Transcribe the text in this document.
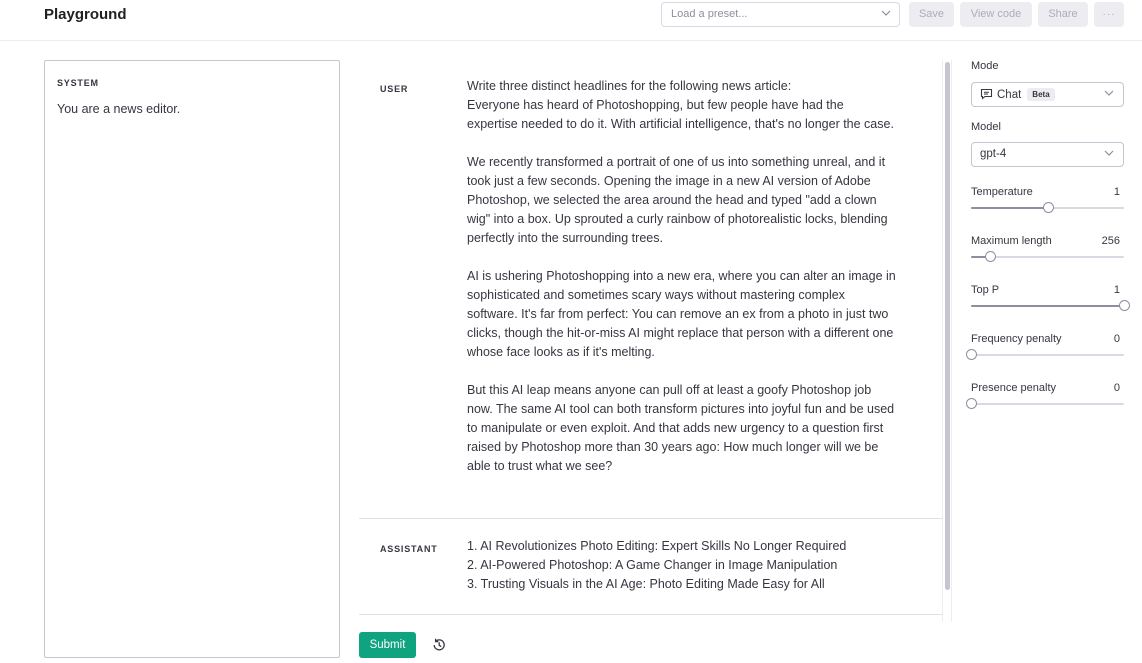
Playground	Load a preset...	Save	View code	Share	···
SYSTEM
You are a news editor.
USER	Write three distinct headlines for the following news article:
Everyone has heard of Photoshopping, but few people have had the expertise needed to do it. With artificial intelligence, that's no longer the case.

We recently transformed a portrait of one of us into something unreal, and it took just a few seconds. Opening the image in a new AI version of Adobe Photoshop, we selected the area around the head and typed "add a clown wig" into a box. Up sprouted a curly rainbow of photorealistic locks, blending perfectly into the surrounding trees.

AI is ushering Photoshopping into a new era, where you can alter an image in sophisticated and sometimes scary ways without mastering complex software. It's far from perfect: You can remove an ex from a photo in just two clicks, though the hit-or-miss AI might replace that person with a different one whose face looks as if it's melting.

But this AI leap means anyone can pull off at least a goofy Photoshop job now. The same AI tool can both transform pictures into joyful fun and be used to manipulate or even exploit. And that adds new urgency to a question first raised by Photoshop more than 30 years ago: How much longer will we be able to trust what we see?

ASSISTANT 1. AI Revolutionizes Photo Editing: Expert Skills No Longer Required
2. AI-Powered Photoshop: A Game Changer in Image Manipulation
3. Trusting Visuals in the AI Age: Photo Editing Made Easy for All
Submit
Mode
Chat Beta
Model
gpt-4
Temperature	1
Maximum length	256
Top P	1
Frequency penalty	0
Presence penalty	0
